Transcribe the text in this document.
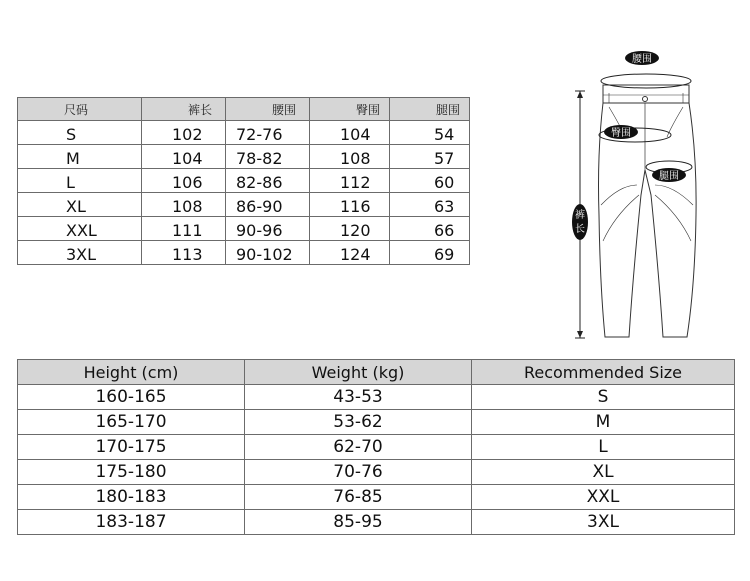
尺码	裤长	腰围	臀围	腿围
S	102	72-76	104	54
M	104	78-82	108	57
L	106	82-86	112	60
XL	108	86-90	116	63
XXL	111	90-96	120	66
3XL	113	90-102	124	69
腰围
臀围
腿围
裤
长
Height (cm)	Weight (kg)	Recommended Size
160-165	43-53	S
165-170	53-62	M
170-175	62-70	L
175-180	70-76	XL
180-183	76-85	XXL
183-187	85-95	3XL
